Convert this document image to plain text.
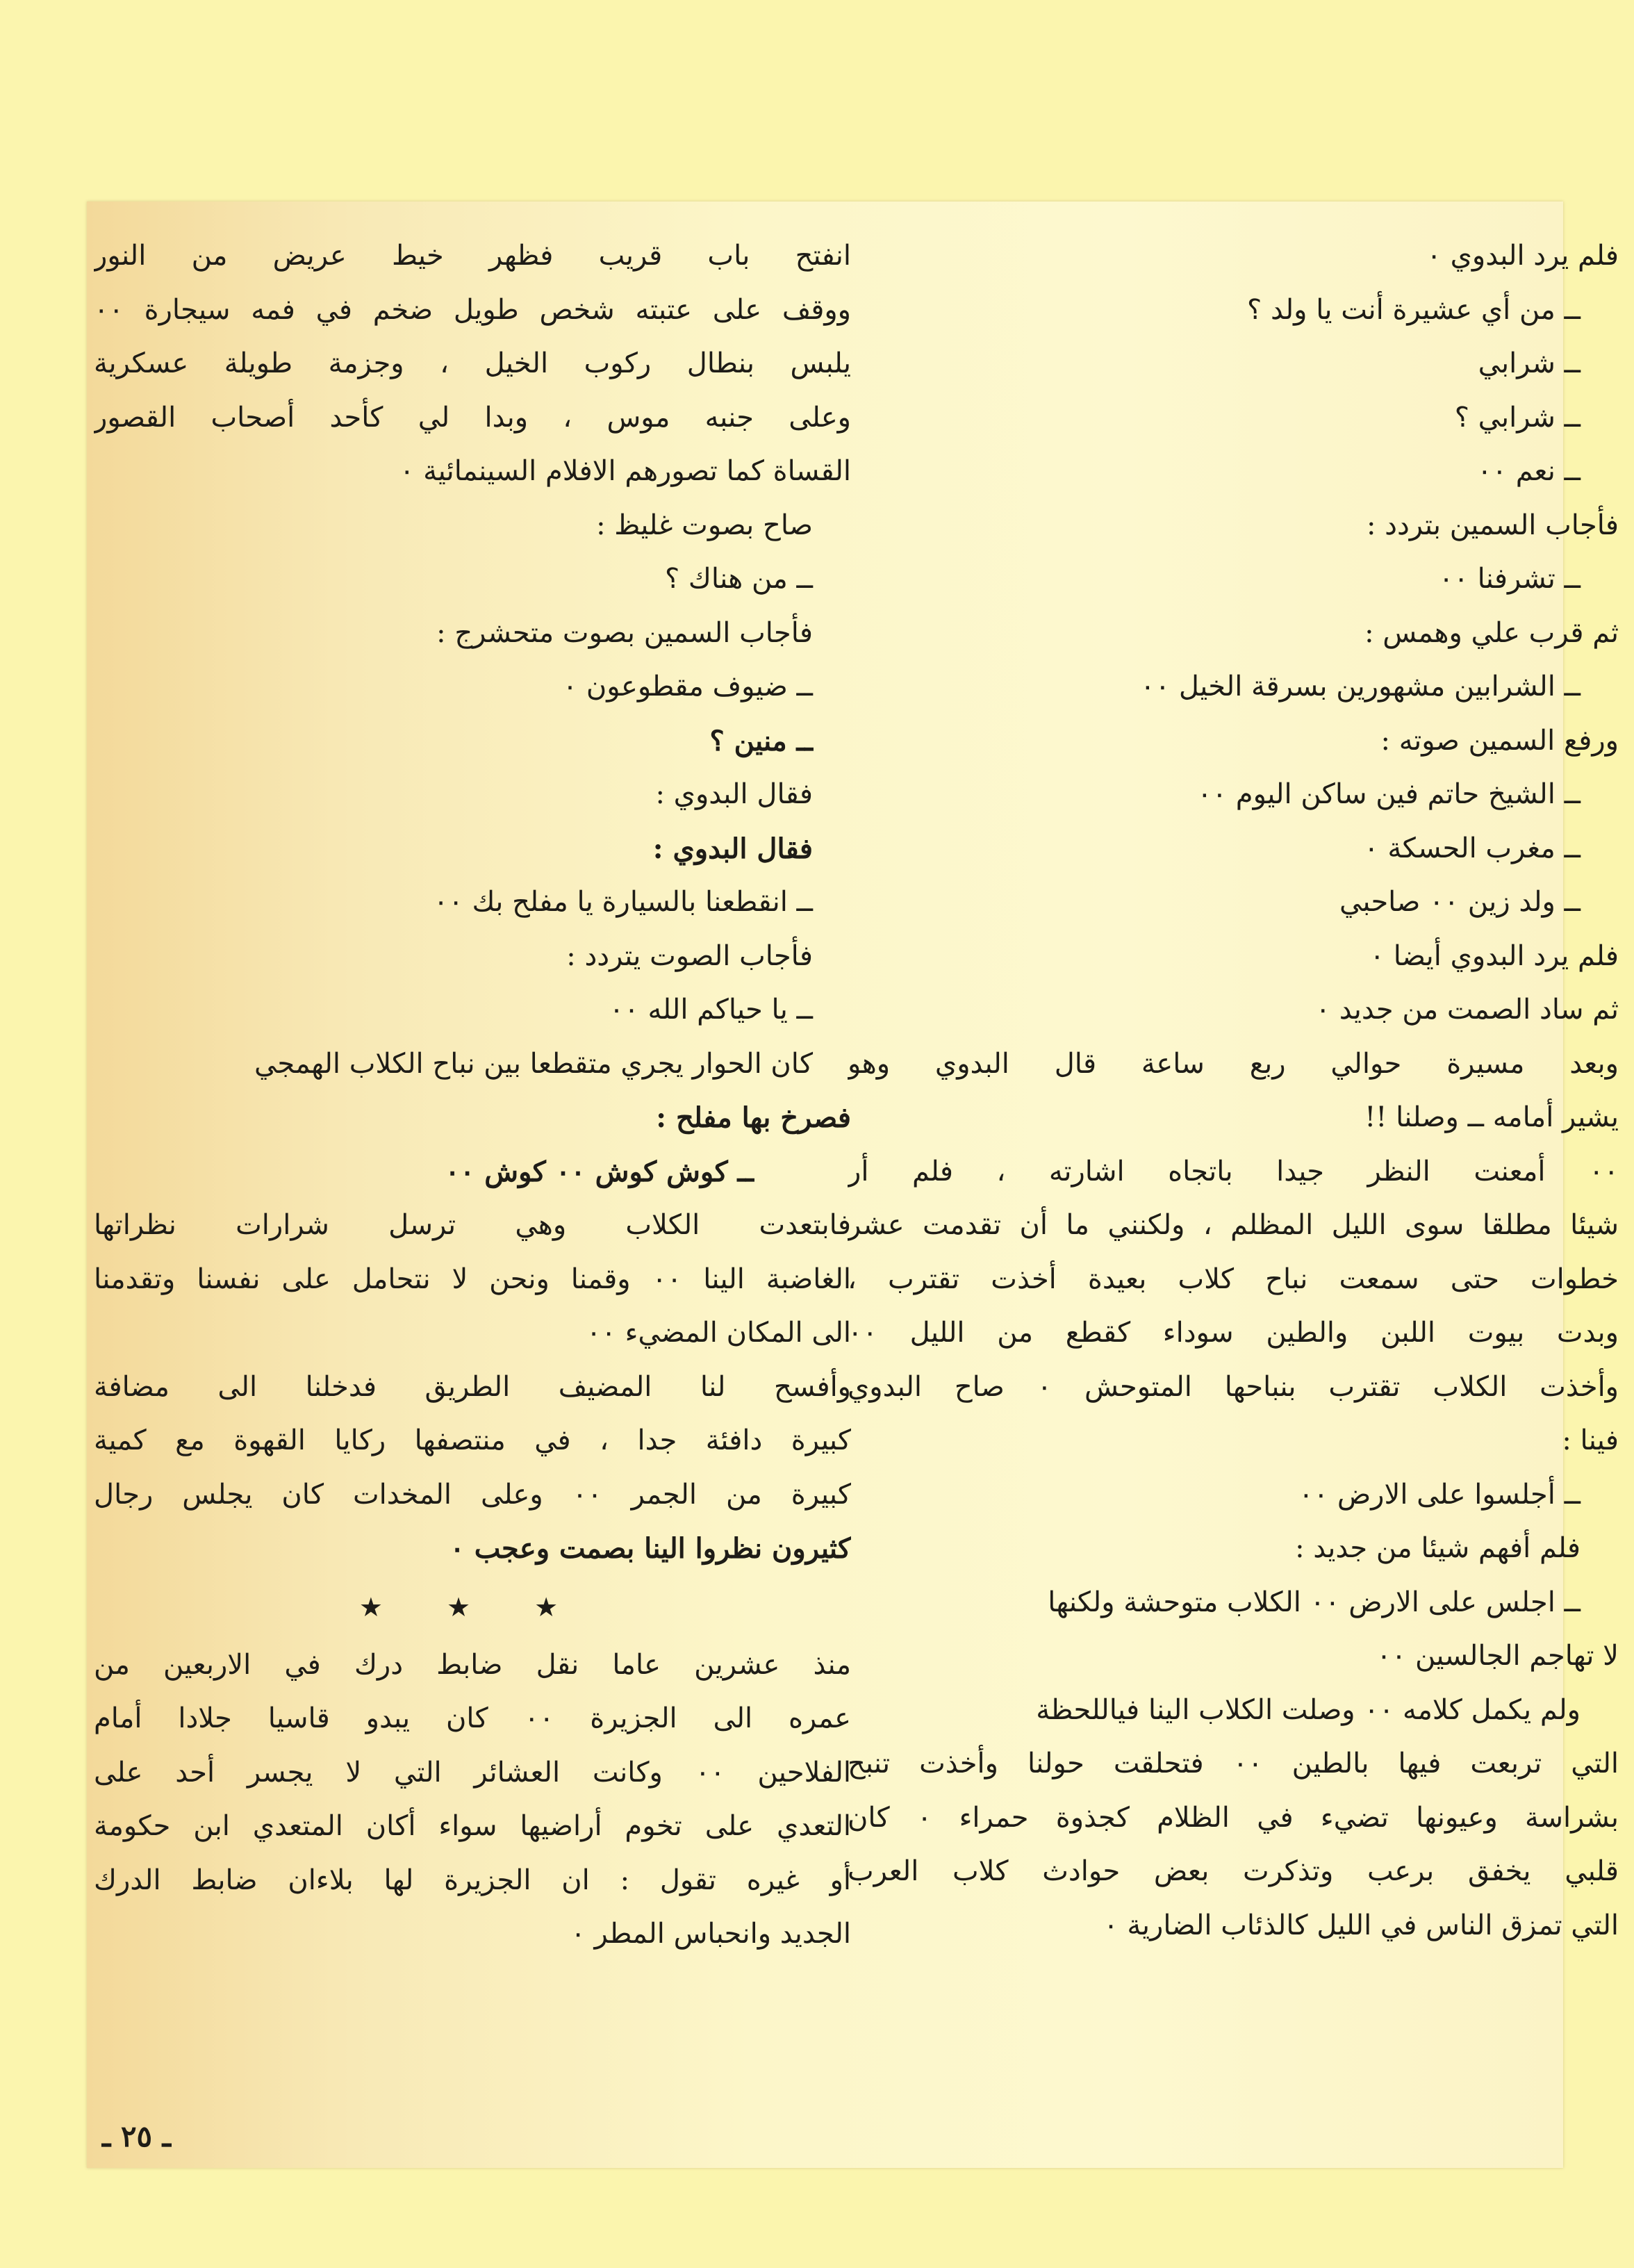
فلم يرد البدوي ٠
ــ من أي عشيرة أنت يا ولد ؟
ــ شرابي
ــ شرابي ؟
ــ نعم ٠٠
فأجاب السمين بتردد :
ــ تشرفنا ٠٠
ثم قرب علي وهمس :
ــ الشرابين مشهورين بسرقة الخيل ٠٠
ورفع السمين صوته :
ــ الشيخ حاتم فين ساكن اليوم ٠٠
ــ مغرب الحسكة ٠
ــ ولد زين ٠٠ صاحبي
فلم يرد البدوي أيضا ٠
ثم ساد الصمت من جديد ٠
وبعد مسيرة حوالي ربع ساعة قال البدوي وهو
يشير أمامه ــ وصلنا !!
٠٠ أمعنت النظر جيدا باتجاه اشارته ، فلم أر
شيئا مطلقا سوى الليل المظلم ، ولكنني ما أن تقدمت عشر
خطوات حتى سمعت نباح كلاب بعيدة أخذت تقترب ،
وبدت بيوت اللبن والطين سوداء كقطع من الليل ٠٠
وأخذت الكلاب تقترب بنباحها المتوحش ٠ صاح البدوي
فينا :
ــ أجلسوا على الارض ٠٠
فلم أفهم شيئا من جديد :
ــ اجلس على الارض ٠٠ الكلاب متوحشة ولكنها
لا تهاجم الجالسين ٠٠
ولم يكمل كلامه ٠٠ وصلت الكلاب الينا فياللحظة
التي تربعت فيها بالطين ٠٠ فتحلقت حولنا وأخذت تنبح
بشراسة وعيونها تضيء في الظلام كجذوة حمراء ٠ كان
قلبي يخفق برعب وتذكرت بعض حوادث كلاب العرب
التي تمزق الناس في الليل كالذئاب الضارية ٠
انفتح باب قريب فظهر خيط عريض من النور
ووقف على عتبته شخص طويل ضخم في فمه سيجارة ٠٠
يلبس بنطال ركوب الخيل ، وجزمة طويلة عسكرية
وعلى جنبه موس ، وبدا لي كأحد أصحاب القصور
القساة كما تصورهم الافلام السينمائية ٠
صاح بصوت غليظ :
ــ من هناك ؟
فأجاب السمين بصوت متحشرج :
ــ ضيوف مقطوعون ٠
ــ منين ؟
فقال البدوي :
فقال البدوي :
ــ انقطعنا بالسيارة يا مفلح بك ٠٠
فأجاب الصوت يتردد :
ــ يا حياكم الله ٠٠
كان الحوار يجري متقطعا بين نباح الكلاب الهمجي
فصرخ بها مفلح :
ــ كوش كوش ٠٠ كوش ٠٠
فابتعدت الكلاب وهي ترسل شرارات نظراتها
الغاضبة الينا ٠٠ وقمنا ونحن لا نتحامل على نفسنا وتقدمنا
الى المكان المضيء ٠٠
وأفسح لنا المضيف الطريق فدخلنا الى مضافة
كبيرة دافئة جدا ، في منتصفها ركايا القهوة مع كمية
كبيرة من الجمر ٠٠ وعلى المخدات كان يجلس رجال
كثيرون نظروا الينا بصمت وعجب ٠
★ ★ ★
منذ عشرين عاما نقل ضابط درك في الاربعين من
عمره الى الجزيرة ٠٠ كان يبدو قاسيا جلادا أمام
الفلاحين ٠٠ وكانت العشائر التي لا يجسر أحد على
التعدي على تخوم أراضيها سواء أكان المتعدي ابن حكومة
أو غيره تقول : ان الجزيرة لها بلاءان ضابط الدرك
الجديد وانحباس المطر ٠
ـ ٢٥ ـ
